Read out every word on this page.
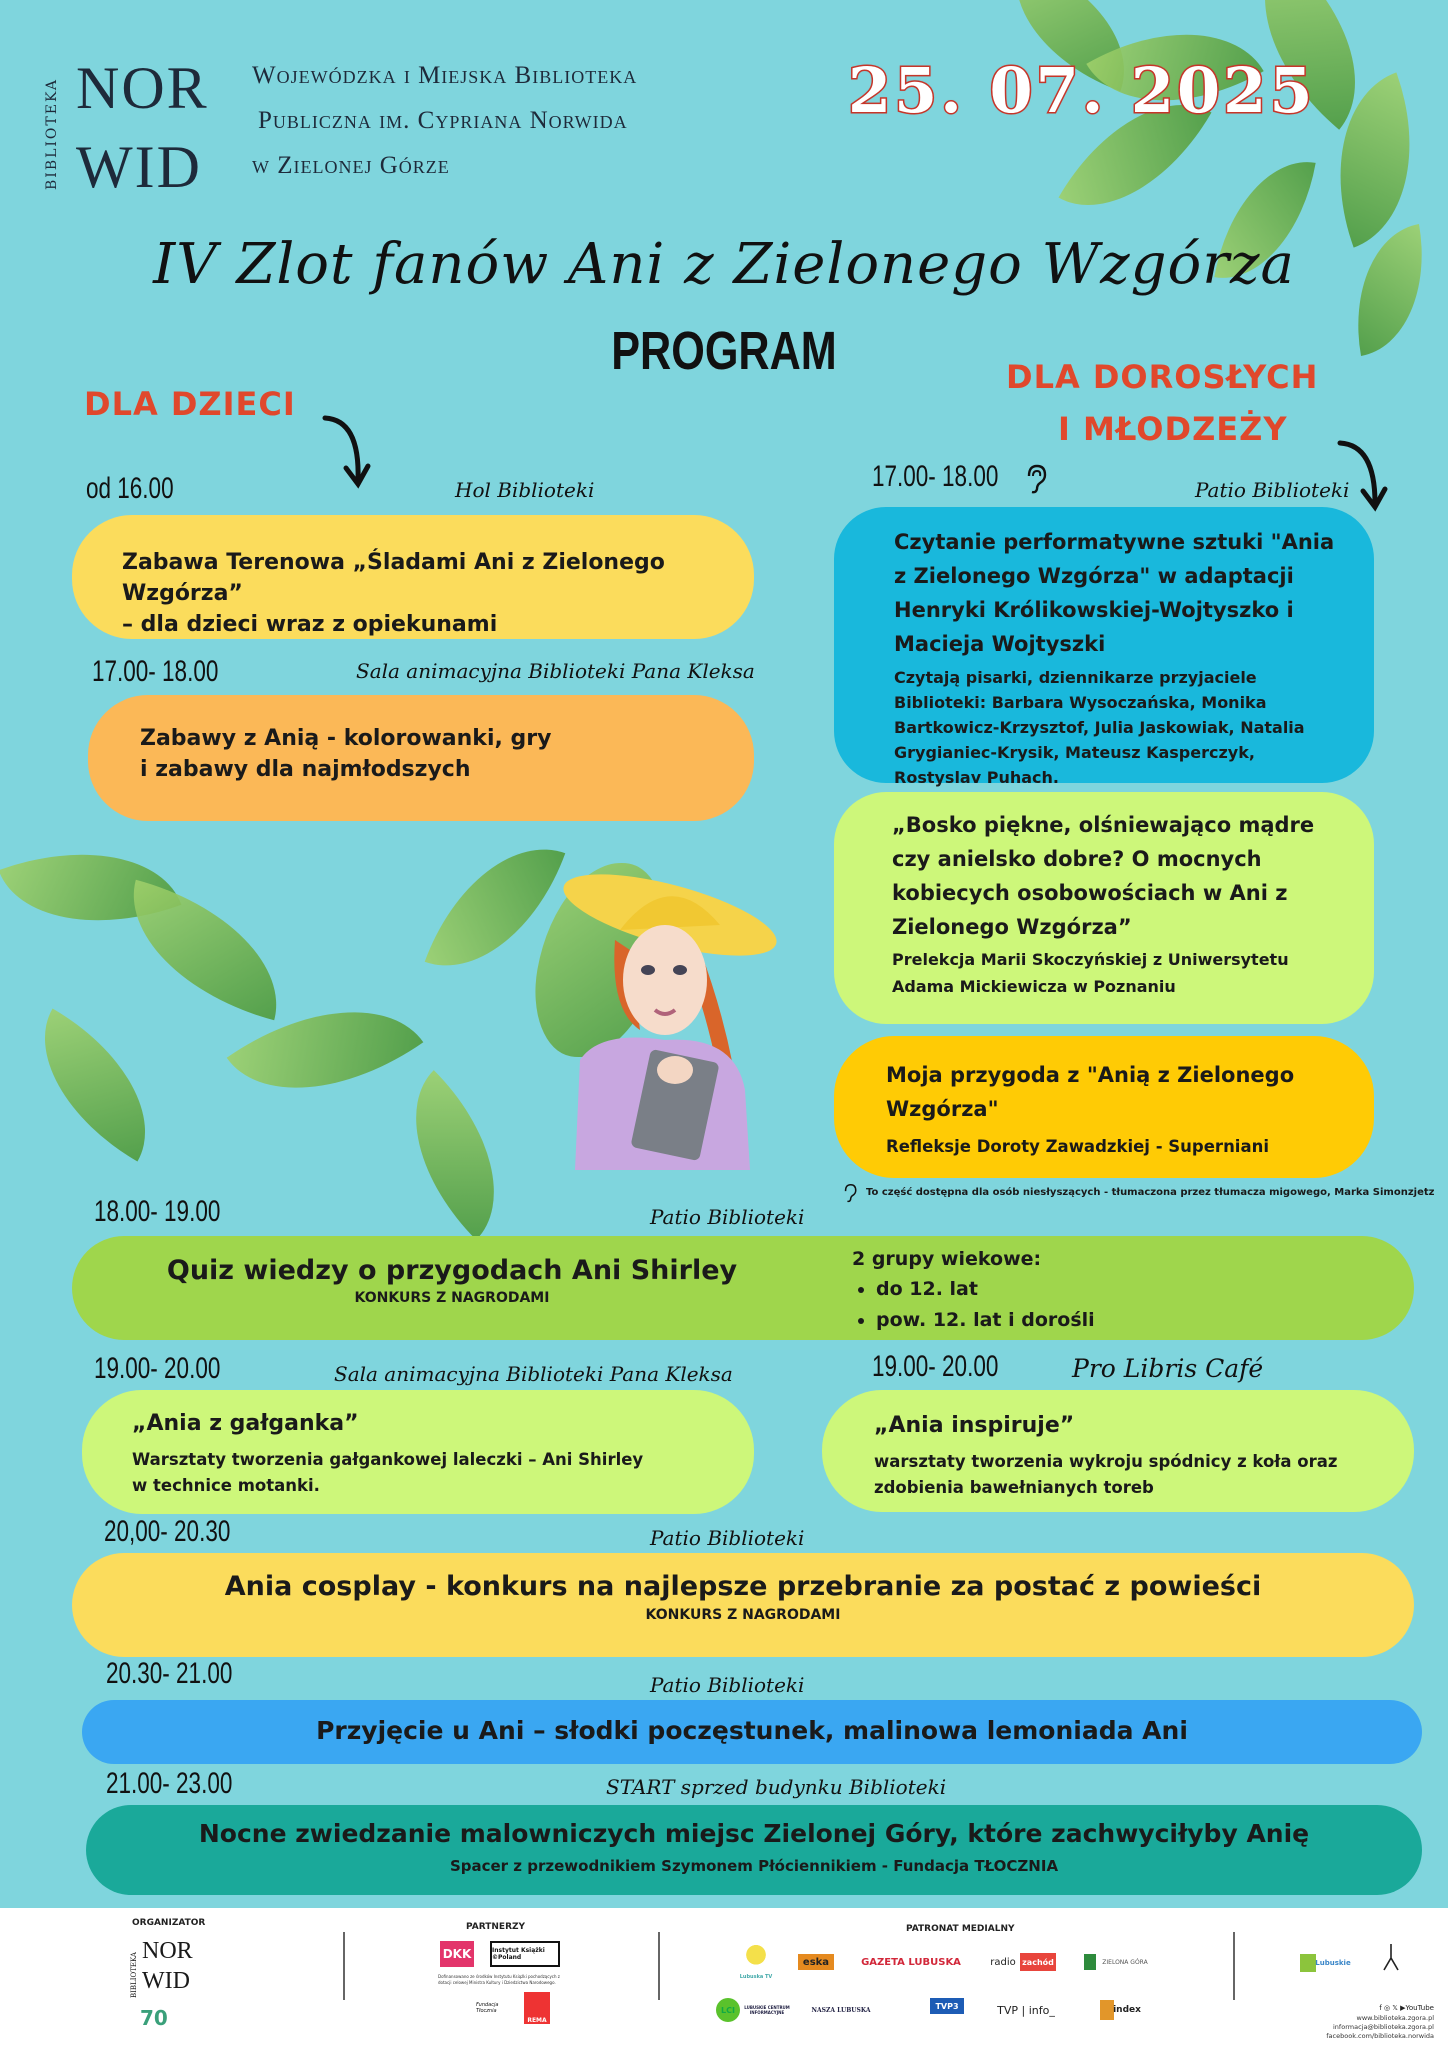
BIBLIOTEKA NOR
WID
Wojewódzka i Miejska Biblioteka
Publiczna im. Cypriana Norwida
w Zielonej Górze
25. 07. 2025
IV Zlot fanów Ani z Zielonego Wzgórza
PROGRAM
DLA DZIECI
DLA DOROSŁYCH
I MŁODZEŻY
od 16.00	Hol Biblioteki
Zabawa Terenowa „Śladami Ani z Zielonego Wzgórza”
– dla dzieci wraz z opiekunami
17.00- 18.00	Sala animacyjna Biblioteki Pana Kleksa
Zabawy z Anią - kolorowanki, gry
i zabawy dla najmłodszych
17.00- 18.00	Patio Biblioteki
Czytanie performatywne sztuki "Ania z Zielonego Wzgórza" w adaptacji Henryki Królikowskiej-Wojtyszko i Macieja Wojtyszki
Czytają pisarki, dziennikarze przyjaciele Biblioteki: Barbara Wysoczańska, Monika Bartkowicz-Krzysztof, Julia Jaskowiak, Natalia Grygianiec-Krysik, Mateusz Kasperczyk, Rostyslav Puhach.
„Bosko piękne, olśniewająco mądre czy anielsko dobre? O mocnych kobiecych osobowościach w Ani z Zielonego Wzgórza”
Prelekcja Marii Skoczyńskiej z Uniwersytetu Adama Mickiewicza w Poznaniu
Moja przygoda z "Anią z Zielonego Wzgórza"
Refleksje Doroty Zawadzkiej - Superniani
To część dostępna dla osób niesłyszących - tłumaczona przez tłumacza migowego, Marka Simonzjetz
18.00- 19.00	Patio Biblioteki
Quiz wiedzy o przygodach Ani Shirley
KONKURS Z NAGRODAMI
2 grupy wiekowe:
• do 12. lat
• pow. 12. lat i dorośli
19.00- 20.00	Sala animacyjna Biblioteki Pana Kleksa
„Ania z gałganka”
Warsztaty tworzenia gałgankowej laleczki – Ani Shirley
w technice motanki.
19.00- 20.00	Pro Libris Café
„Ania inspiruje”
warsztaty tworzenia wykroju spódnicy z koła oraz
zdobienia bawełnianych toreb
20,00- 20.30	Patio Biblioteki
Ania cosplay - konkurs na najlepsze przebranie za postać z powieści
KONKURS Z NAGRODAMI
20.30- 21.00	Patio Biblioteki
Przyjęcie u Ani – słodki poczęstunek, malinowa lemoniada Ani
21.00- 23.00	START sprzed budynku Biblioteki
Nocne zwiedzanie malowniczych miejsc Zielonej Góry, które zachwyciłyby Anię
Spacer z przewodnikiem Szymonem Płóciennikiem - Fundacja TŁOCZNIA
ORGANIZATOR
BIBLIOTEKA
NOR
WID
70
PARTNERZY
DKK	Instytut Książki ©Poland
Dofinansowano ze środków Instytutu Książki pochodzących z dotacji celowej Ministra Kultury i Dziedzictwa Narodowego.
Fundacja Tłocznia
REMA
PATRONAT MEDIALNY
Lubuska TV
eska	GAZETA LUBUSKA	radio zachód	ZIELONA GÓRA
LCI	LUBUSKIE CENTRUM INFORMACYJNE	NASZA LUBUSKA	TVP3	TVP | info_	index
Lubuskie
f ◎ 𝕏 ▶YouTube
www.biblioteka.zgora.pl
informacja@biblioteka.zgora.pl
facebook.com/biblioteka.norwida
